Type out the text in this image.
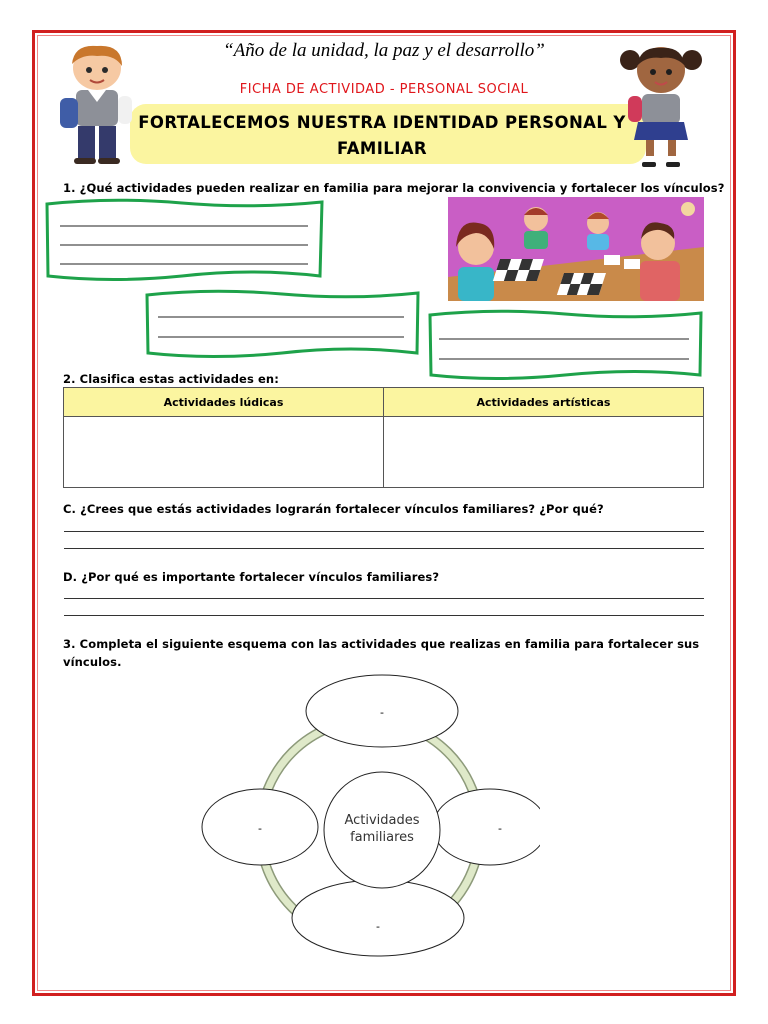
“Año de la unidad, la paz y el desarrollo”
FICHA DE ACTIVIDAD - PERSONAL SOCIAL
FORTALECEMOS NUESTRA IDENTIDAD PERSONAL Y
FAMILIAR
1. ¿Qué actividades pueden realizar en familia para mejorar la convivencia y fortalecer los vínculos?
2. Clasifica estas actividades en:
Actividades lúdicas	Actividades artísticas

C. ¿Crees que estás actividades lograrán fortalecer vínculos familiares? ¿Por qué?
D. ¿Por qué es importante fortalecer vínculos familiares?
3. Completa el siguiente esquema con las actividades que realizas en familia para fortalecer sus
vínculos.
-
-	-
-
Actividades
familiares
